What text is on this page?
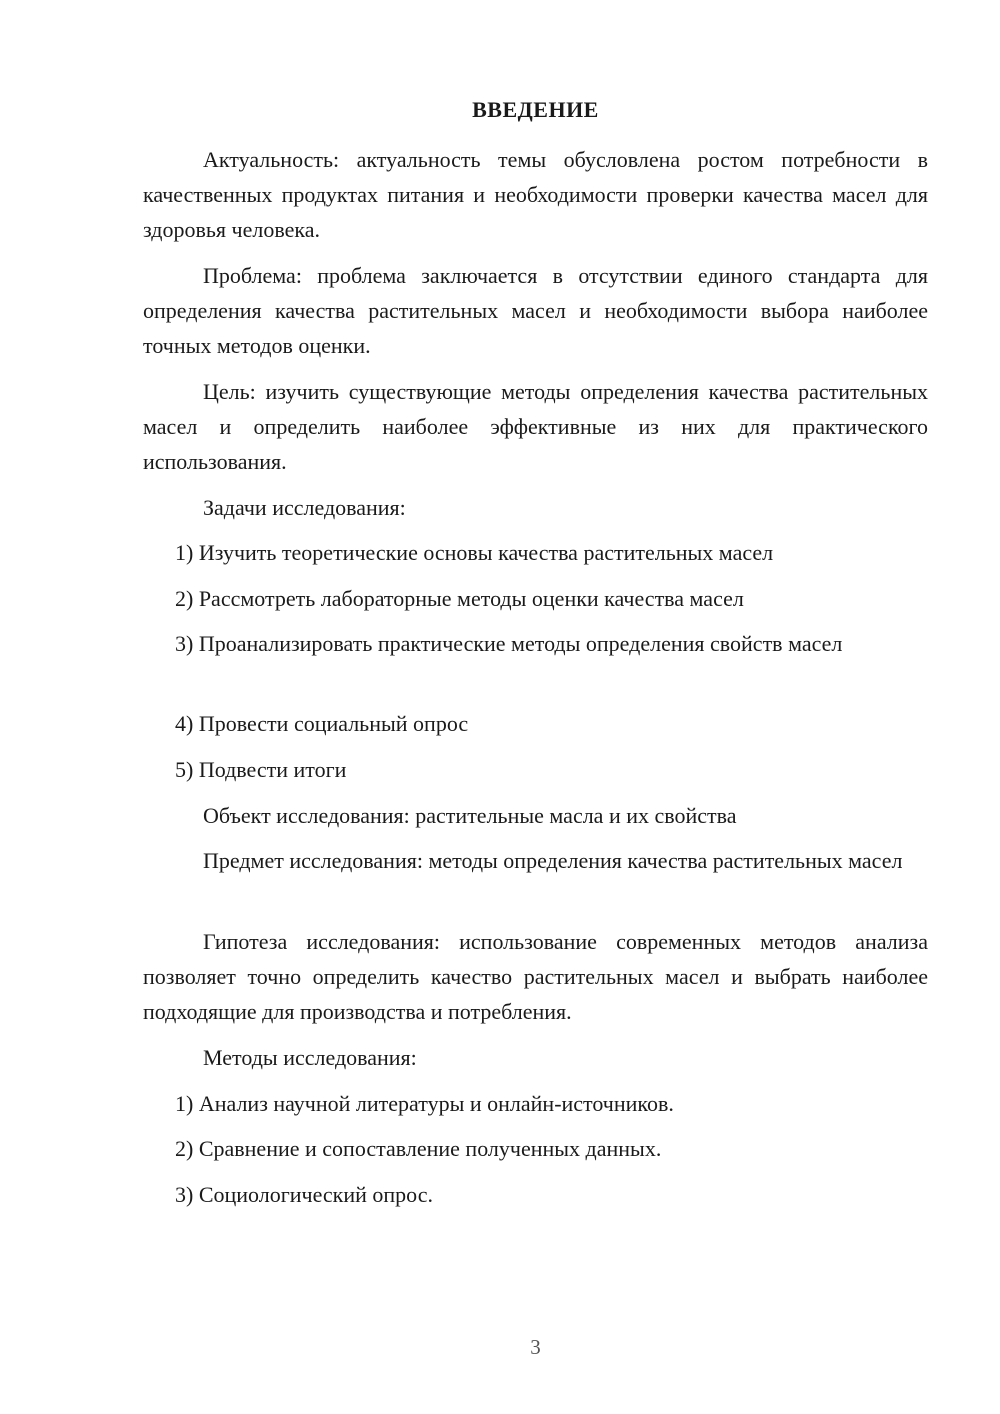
ВВЕДЕНИЕ

Актуальность: актуальность темы обусловлена ростом потребности в качественных продуктах питания и необходимости проверки качества масел для здоровья человека.

Проблема: проблема заключается в отсутствии единого стандарта для определения качества растительных масел и необходимости выбора наиболее точных методов оценки.

Цель: изучить существующие методы определения качества растительных масел и определить наиболее эффективные из них для практического использования.

Задачи исследования:

1) Изучить теоретические основы качества растительных масел

2) Рассмотреть лабораторные методы оценки качества масел

3) Проанализировать практические методы определения свойств масел

4) Провести социальный опрос

5) Подвести итоги

Объект исследования: растительные масла и их свойства

Предмет исследования: методы определения качества растительных масел

Гипотеза исследования: использование современных методов анализа позволяет точно определить качество растительных масел и выбрать наиболее подходящие для производства и потребления.

Методы исследования:

1) Анализ научной литературы и онлайн-источников.

2) Сравнение и сопоставление полученных данных.

3) Социологический опрос.

3
